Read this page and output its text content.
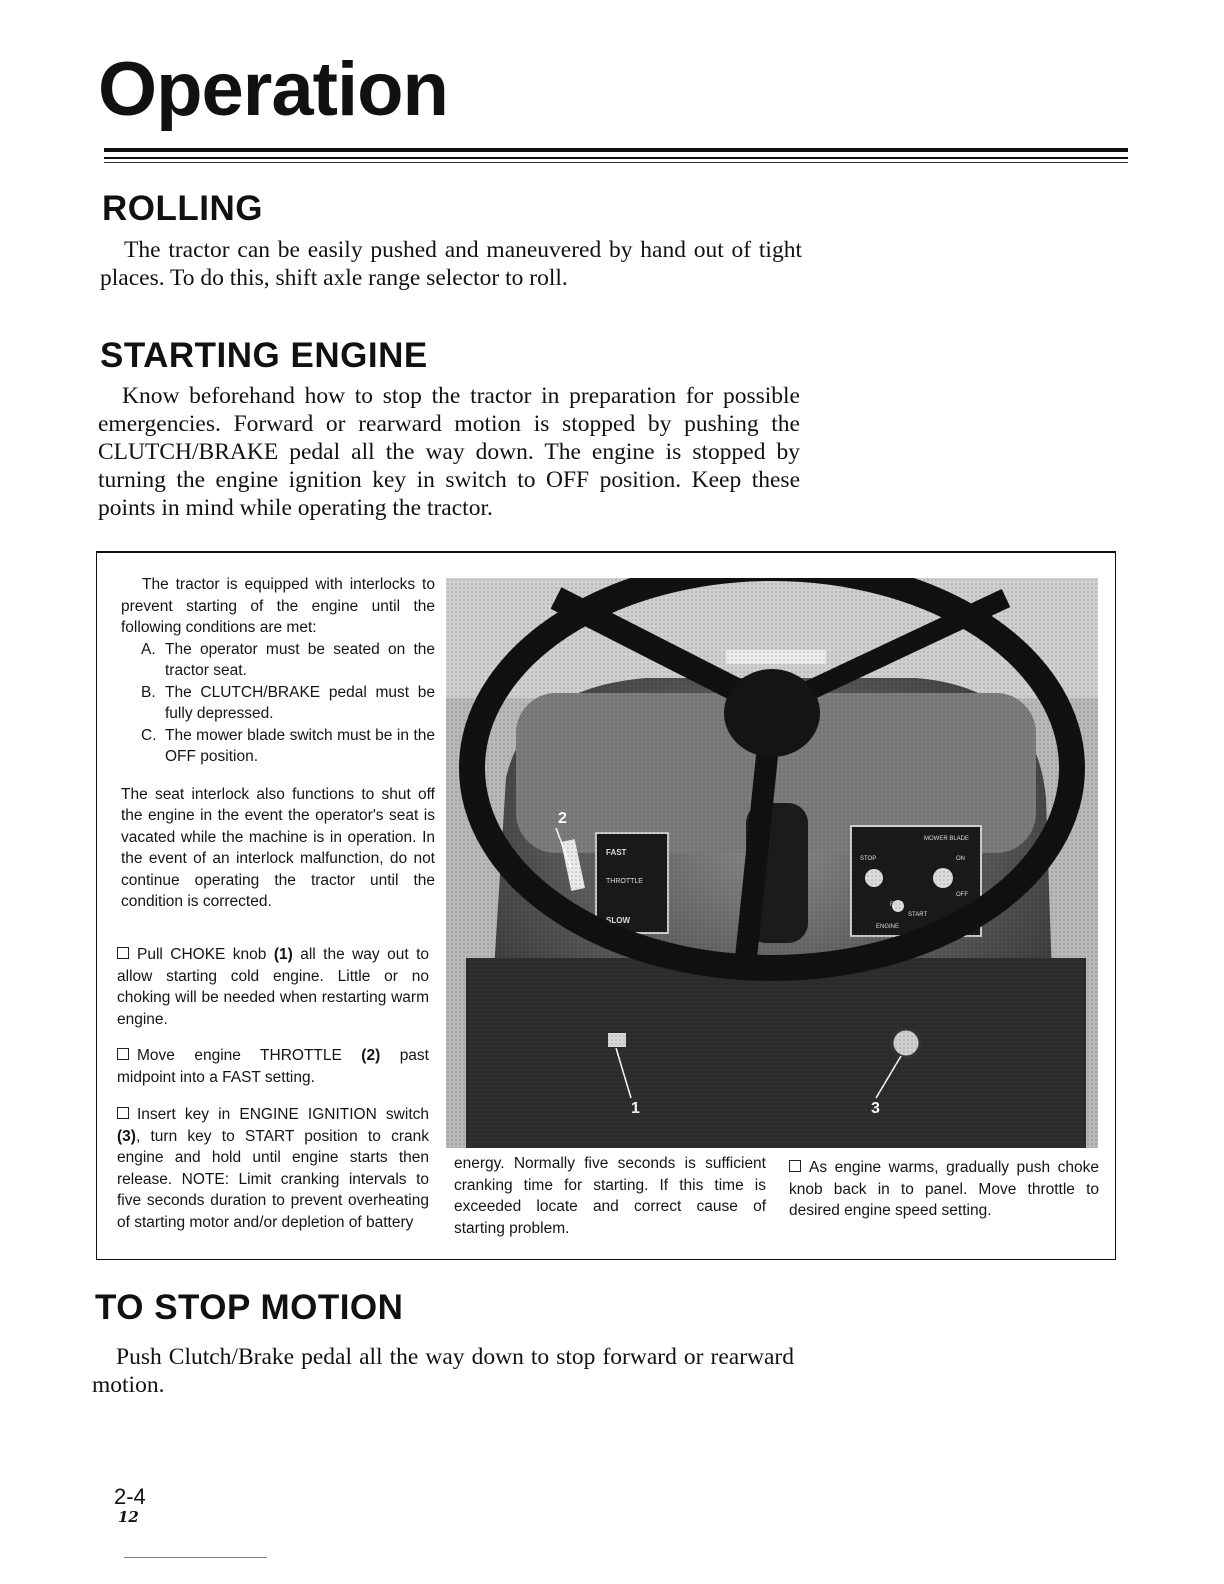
Operation
ROLLING

The tractor can be easily pushed and maneuvered by hand out of tight places. To do this, shift axle range selector to roll.

STARTING ENGINE

Know beforehand how to stop the tractor in preparation for possible emergencies. Forward or rearward motion is stopped by pushing the CLUTCH/BRAKE pedal all the way down. The engine is stopped by turning the engine ignition key in switch to OFF position. Keep these points in mind while operating the tractor.

The tractor is equipped with interlocks to prevent starting of the engine until the following conditions are met:

A. The operator must be seated on the tractor seat.

B. The CLUTCH/BRAKE pedal must be fully depressed.

C. The mower blade switch must be in the OFF position.

The seat interlock also functions to shut off the engine in the event the operator's seat is vacated while the machine is in operation. In the event of an interlock malfunction, do not continue operating the tractor until the condition is corrected.

Pull CHOKE knob (1) all the way out to allow starting cold engine. Little or no choking will be needed when restarting warm engine.

Move engine THROTTLE (2) past midpoint into a FAST setting.

Insert key in ENGINE IGNITION switch (3), turn key to START position to crank engine and hold until engine starts then release. NOTE: Limit cranking intervals to five seconds duration to prevent overheating of starting motor and/or depletion of battery

energy. Normally five seconds is sufficient cranking time for starting. If this time is exceeded locate and correct cause of starting problem.

As engine warms, gradually push choke knob back in to panel. Move throttle to desired engine speed setting.

TO STOP MOTION

Push Clutch/Brake pedal all the way down to stop forward or rearward motion.

2-4
12
